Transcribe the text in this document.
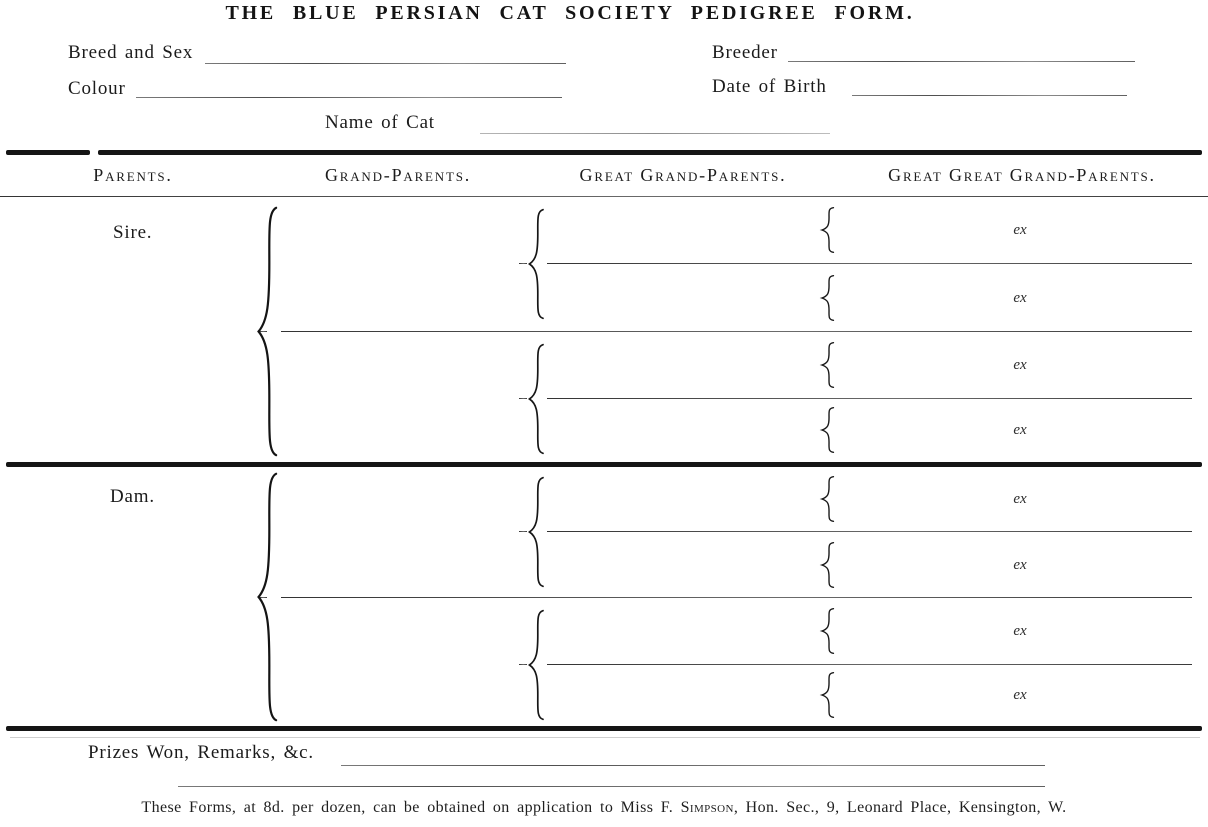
THE BLUE PERSIAN CAT SOCIETY PEDIGREE FORM.
Breed and Sex	Breeder
Colour	Date of Birth
Name of Cat
Parents.	Grand-Parents.	Great Grand-Parents.	Great Great Grand-Parents.
Sire.
Dam.
ex
ex
ex
ex
ex
ex
ex
ex
Prizes Won, Remarks, &c.
These Forms, at 8d. per dozen, can be obtained on application to Miss F. Simpson, Hon. Sec., 9, Leonard Place, Kensington, W.
